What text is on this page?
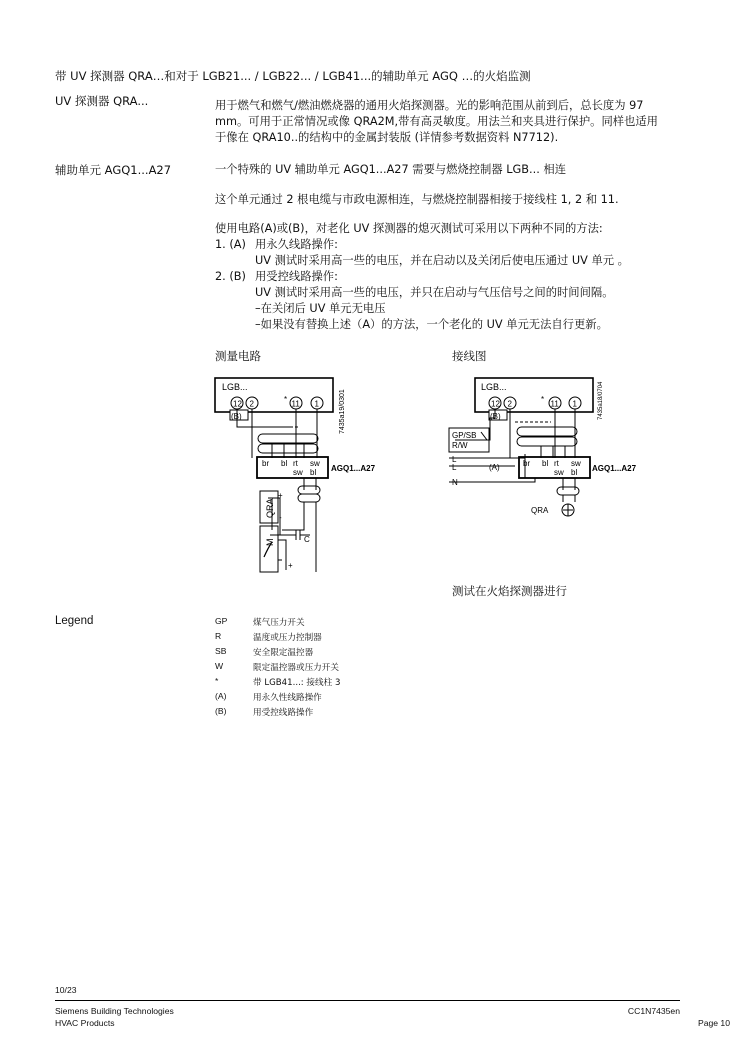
带 UV 探测器 QRA…和对于 LGB21... / LGB22... / LGB41...的辅助单元 AGQ …的火焰监测
UV 探测器 QRA...	用于燃气和燃气/燃油燃烧器的通用火焰探测器。光的影响范围从前到后，总长度为 97

mm。可用于正常情况或像 QRA2M,带有高灵敏度。用法兰和夹具进行保护。同样也适用

于像在 QRA10..的结构中的金属封装版 (详情参考数据资料 N7712).

辅助单元 AGQ1...A27	一个特殊的 UV 辅助单元 AGQ1...A27 需要与燃烧控制器 LGB... 相连
这个单元通过 2 根电缆与市政电源相连，与燃烧控制器相接于接线柱 1, 2 和 11.

使用电路(A)或(B)，对老化 UV 探测器的熄灭测试可采用以下两种不同的方法:

1. (A) 用永久线路操作:

UV 测试时采用高一些的电压，并在启动以及关闭后使电压通过 UV 单元 。

2. (B) 用受控线路操作:

UV 测试时采用高一些的电压，并只在启动与气压信号之间的时间间隔。

–在关闭后 UV 单元无电压

–如果没有替换上述（A）的方法，一个老化的 UV 单元无法自行更新。

测量电路	接线图
LGB...
12 2	11 1
*
(B)	7435a19/0301
br bl rt sw
sw bl AGQ1...A27
QRA
M
+
-
+
C
LGB...
12 2	11 1
*
(B)	7435a18/0704
GP/SB
R/W
L
L
N
(A)	br bl rt sw
sw bl AGQ1...A27
QRA
测试在火焰探测器进行
Legend	GP	煤气压力开关
R	温度或压力控制器
SB	安全限定温控器
W	限定温控器或压力开关
*	带 LGB41...: 接线柱 3
(A)	用永久性线路操作
(B)	用受控线路操作
10/23
Siemens Building Technologies
HVAC Products
CC1N7435en
Page 10
